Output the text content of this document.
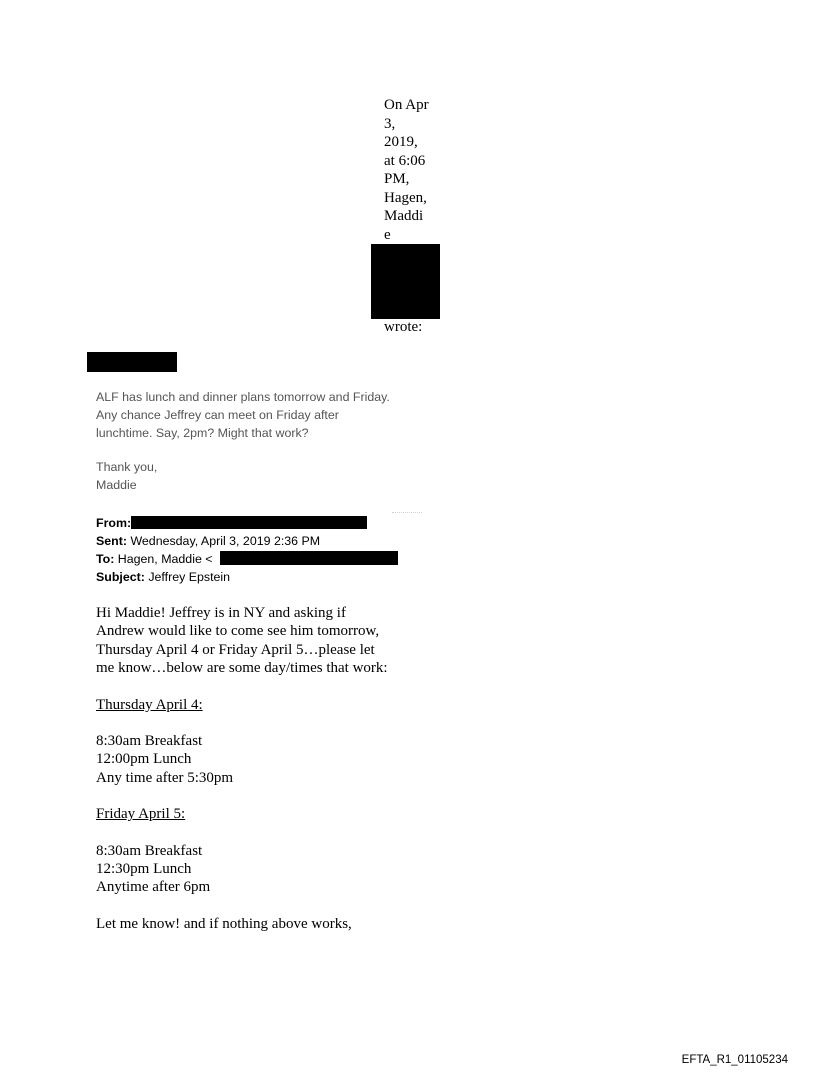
On Apr
3,
2019,
at 6:06
PM,
Hagen,
Maddi
e
wrote:

ALF has lunch and dinner plans tomorrow and Friday. Any chance Jeffrey can meet on Friday after lunchtime. Say, 2pm? Might that work?

Thank you,

Maddie

From:
Sent: Wednesday, April 3, 2019 2:36 PM
To: Hagen, Maddie <
Subject: Jeffrey Epstein

Hi Maddie! Jeffrey is in NY and asking if Andrew would like to come see him tomorrow, Thursday April 4 or Friday April 5…please let me know…below are some day/times that work:

Thursday April 4:

8:30am Breakfast

12:00pm Lunch

Any time after 5:30pm

Friday April 5:

8:30am Breakfast

12:30pm Lunch

Anytime after 6pm

Let me know! and if nothing above works,

EFTA_R1_01105234
